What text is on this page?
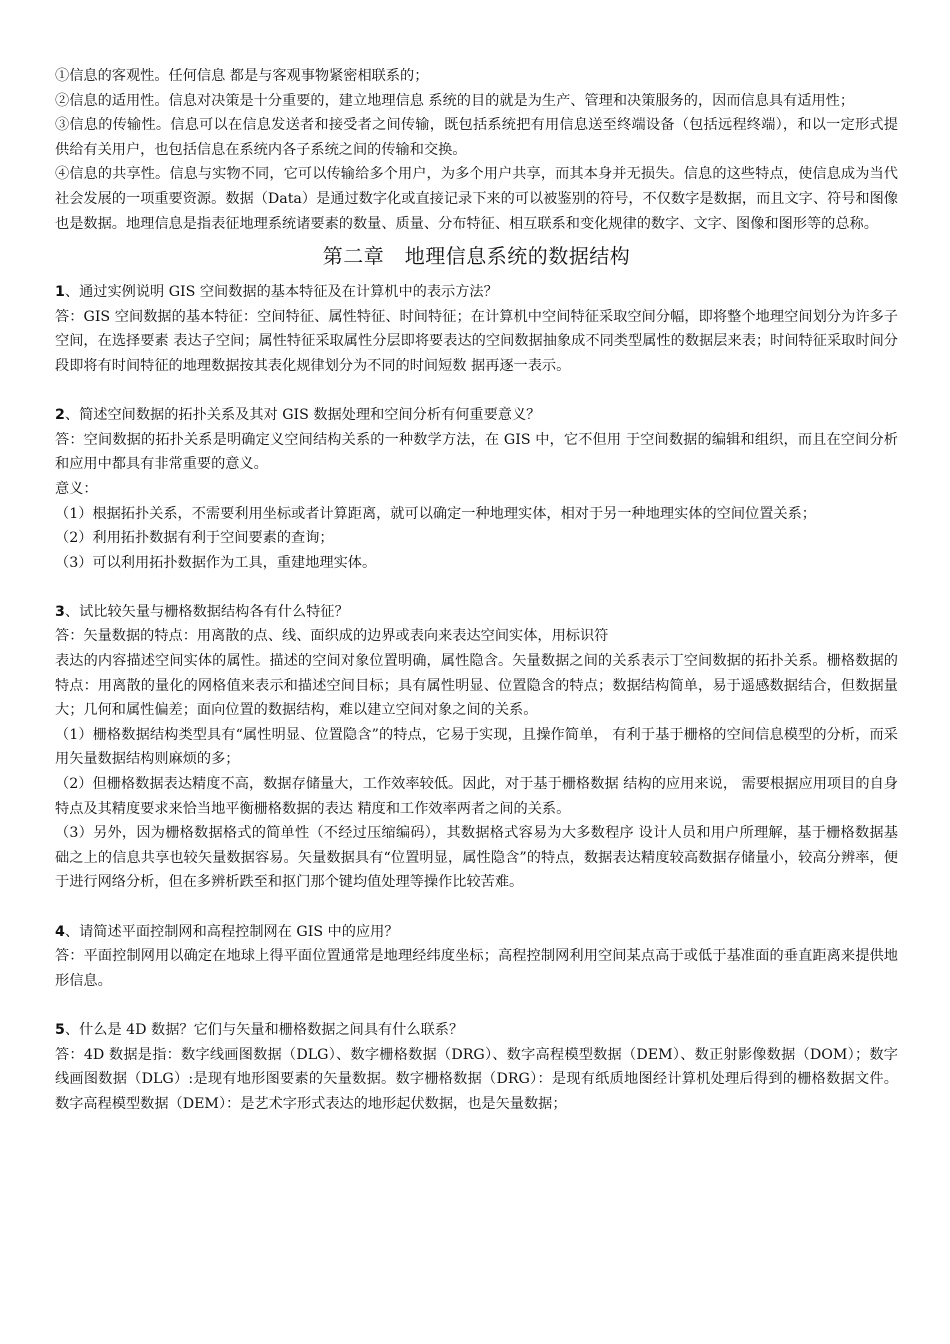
①信息的客观性。任何信息 都是与客观事物紧密相联系的；

②信息的适用性。信息对决策是十分重要的，建立地理信息 系统的目的就是为生产、管理和决策服务的，因而信息具有适用性；

③信息的传输性。信息可以在信息发送者和接受者之间传输，既包括系统把有用信息送至终端设备（包括远程终端），和以一定形式提供给有关用户，也包括信息在系统内各子系统之间的传输和交换。

④信息的共享性。信息与实物不同，它可以传输给多个用户，为多个用户共享，而其本身并无损失。信息的这些特点，使信息成为当代社会发展的一项重要资源。数据（Data）是通过数字化或直接记录下来的可以被鉴别的符号，不仅数字是数据，而且文字、符号和图像也是数据。地理信息是指表征地理系统诸要素的数量、质量、分布特征、相互联系和变化规律的数字、文字、图像和图形等的总称。

第二章　地理信息系统的数据结构

1、通过实例说明 GIS 空间数据的基本特征及在计算机中的表示方法？

答：GIS 空间数据的基本特征：空间特征、属性特征、时间特征；在计算机中空间特征采取空间分幅，即将整个地理空间划分为许多子空间，在选择要素 表达子空间；属性特征采取属性分层即将要表达的空间数据抽象成不同类型属性的数据层来表；时间特征采取时间分段即将有时间特征的地理数据按其表化规律划分为不同的时间短数 据再逐一表示。

2、简述空间数据的拓扑关系及其对 GIS 数据处理和空间分析有何重要意义？

答：空间数据的拓扑关系是明确定义空间结构关系的一种数学方法，在 GIS 中，它不但用 于空间数据的编辑和组织，而且在空间分析和应用中都具有非常重要的意义。

意义：

（1）根据拓扑关系，不需要利用坐标或者计算距离，就可以确定一种地理实体，相对于另一种地理实体的空间位置关系；

（2）利用拓扑数据有利于空间要素的查询；

（3）可以利用拓扑数据作为工具，重建地理实体。

3、试比较矢量与栅格数据结构各有什么特征？

答：矢量数据的特点：用离散的点、线、面织成的边界或表向来表达空间实体，用标识符

表达的内容描述空间实体的属性。描述的空间对象位置明确，属性隐含。矢量数据之间的关系表示丁空间数据的拓扑关系。栅格数据的特点：用离散的量化的网格值来表示和描述空间目标；具有属性明显、位置隐含的特点；数据结构简单，易于遥感数据结合，但数据量大；几何和属性偏差；面向位置的数据结构，难以建立空间对象之间的关系。

（1）栅格数据结构类型具有“属性明显、位置隐含”的特点，它易于实现，且操作简单， 有利于基于栅格的空间信息模型的分析，而采用矢量数据结构则麻烦的多；

（2）但栅格数据表达精度不高，数据存储量大，工作效率较低。因此，对于基于栅格数据 结构的应用来说， 需要根据应用项目的自身特点及其精度要求来恰当地平衡栅格数据的表达 精度和工作效率两者之间的关系。

（3）另外，因为栅格数据格式的简单性（不经过压缩编码），其数据格式容易为大多数程序 设计人员和用户所理解，基于栅格数据基础之上的信息共享也较矢量数据容易。矢量数据具有“位置明显，属性隐含”的特点，数据表达精度较高数据存储量小，较高分辨率，便于进行网络分析，但在多辨析跌至和抠门那个键均值处理等操作比较苦难。

4、请简述平面控制网和高程控制网在 GIS 中的应用？

答：平面控制网用以确定在地球上得平面位置通常是地理经纬度坐标；高程控制网利用空间某点高于或低于基准面的垂直距离来提供地形信息。

5、什么是 4D 数据？它们与矢量和栅格数据之间具有什么联系？

答：4D 数据是指：数字线画图数据（DLG）、数字栅格数据（DRG）、数字高程模型数据（DEM）、数正射影像数据（DOM）；数字线画图数据（DLG）:是现有地形图要素的矢量数据。数字栅格数据（DRG）：是现有纸质地图经计算机处理后得到的栅格数据文件。数字高程模型数据（DEM）：是艺术字形式表达的地形起伏数据，也是矢量数据；
